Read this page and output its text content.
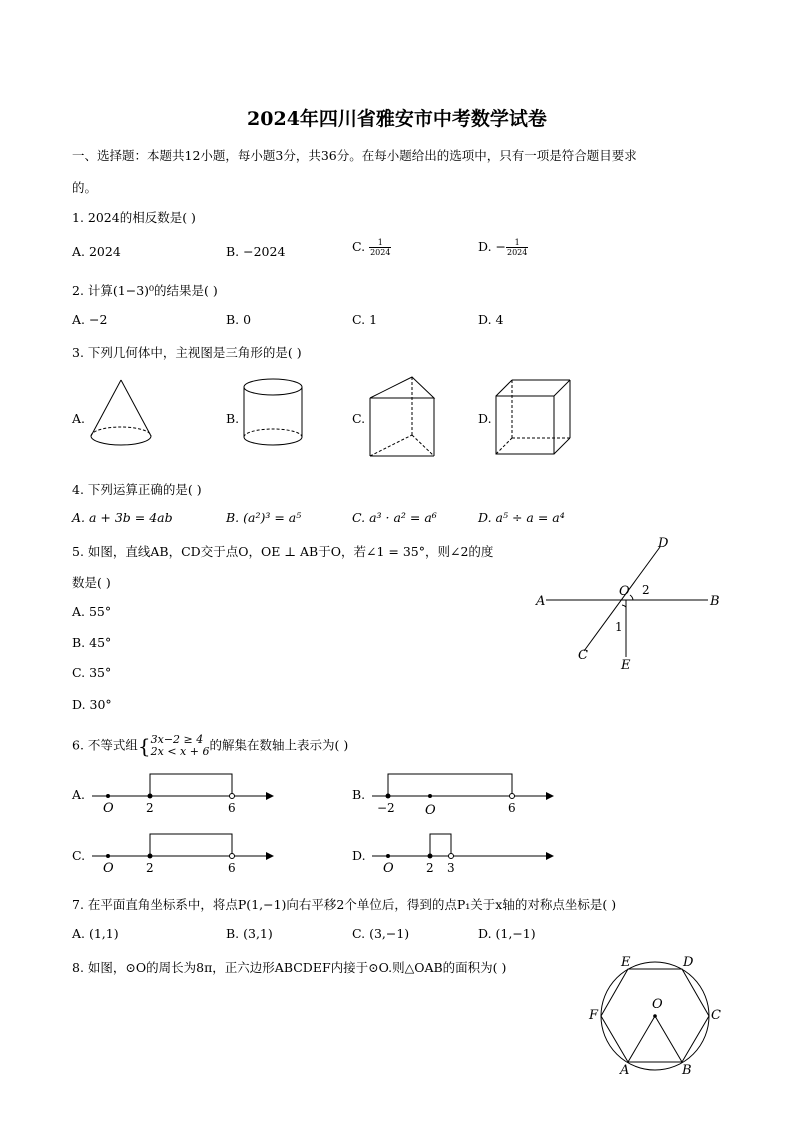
2024年四川省雅安市中考数学试卷
一、选择题：本题共12小题，每小题3分，共36分。在每小题给出的选项中，只有一项是符合题目要求
的。
1. 2024的相反数是( )
A. 2024	B. −2024	C. $\frac{1}{2024}$	D. − $\frac{1}{2024}$
2. 计算(1−3)⁰的结果是( )
A. −2	B. 0	C. 1	D. 4
3. 下列几何体中，主视图是三角形的是( )
A.	B.	C.	D.
4. 下列运算正确的是( )
A. a + 3b = 4ab	B. (a²)³ = a⁵	C. a³ · a² = a⁶	D. a⁵ ÷ a = a⁴
5. 如图，直线AB，CD交于点O，OE ⊥ AB于O，若∠1 = 35°，则∠2的度
数是( )
A. 55°
B. 45°
C. 35°
D. 30°
A	B
C
D
E
O
1
2
6. 不等式组{ 3x−2 ≥ 4
2x < x + 6 的解集在数轴上表示为( )
A.
O	2	6
B.
−2 O	6
C.
O	2	6
D.
O	2 3
7. 在平面直角坐标系中，将点P(1,−1)向右平移2个单位后，得到的点P₁关于x轴的对称点坐标是( )
A. (1,1)	B. (3,1)	C. (3,−1)	D. (1,−1)
8. 如图，⊙O的周长为8π，正六边形ABCDEF内接于⊙O.则△OAB的面积为( )	E	D
F	C
O
A	B
